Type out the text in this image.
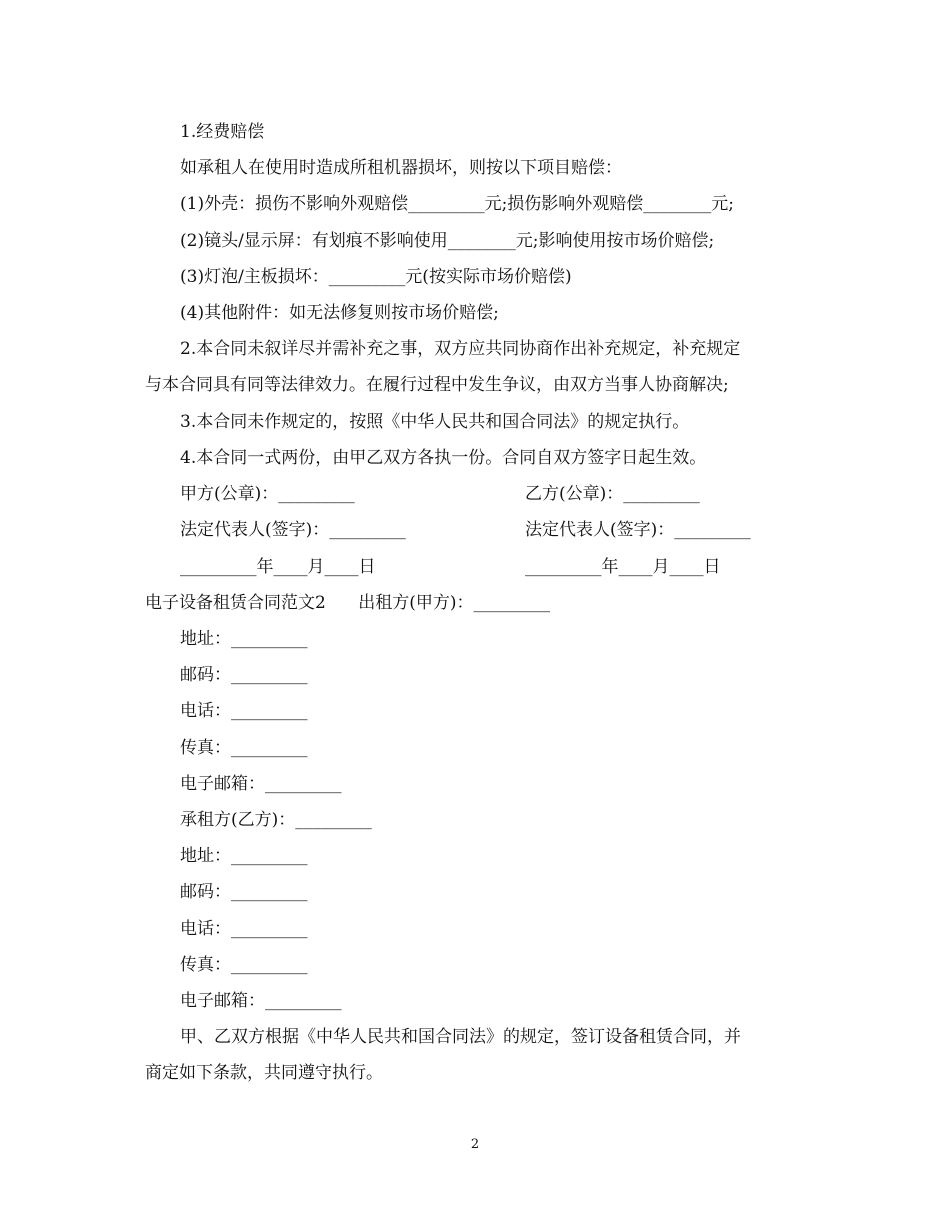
1.经费赔偿
如承租人在使用时造成所租机器损坏，则按以下项目赔偿：
(1)外壳：损伤不影响外观赔偿_________元;损伤影响外观赔偿________元;
(2)镜头/显示屏：有划痕不影响使用________元;影响使用按市场价赔偿;
(3)灯泡/主板损坏：_________元(按实际市场价赔偿)
(4)其他附件：如无法修复则按市场价赔偿;
2.本合同未叙详尽并需补充之事，双方应共同协商作出补充规定，补充规定
与本合同具有同等法律效力。在履行过程中发生争议，由双方当事人协商解决;
3.本合同未作规定的，按照《中华人民共和国合同法》的规定执行。
4.本合同一式两份，由甲乙双方各执一份。合同自双方签字日起生效。
甲方(公章)：_________	乙方(公章)：_________
法定代表人(签字)：_________	法定代表人(签字)：_________
_________年____月____日	_________年____月____日
电子设备租赁合同范文2      出租方(甲方)：_________
地址：_________
邮码：_________
电话：_________
传真：_________
电子邮箱：_________
承租方(乙方)：_________
地址：_________
邮码：_________
电话：_________
传真：_________
电子邮箱：_________
甲、乙双方根据《中华人民共和国合同法》的规定，签订设备租赁合同，并
商定如下条款，共同遵守执行。
2
